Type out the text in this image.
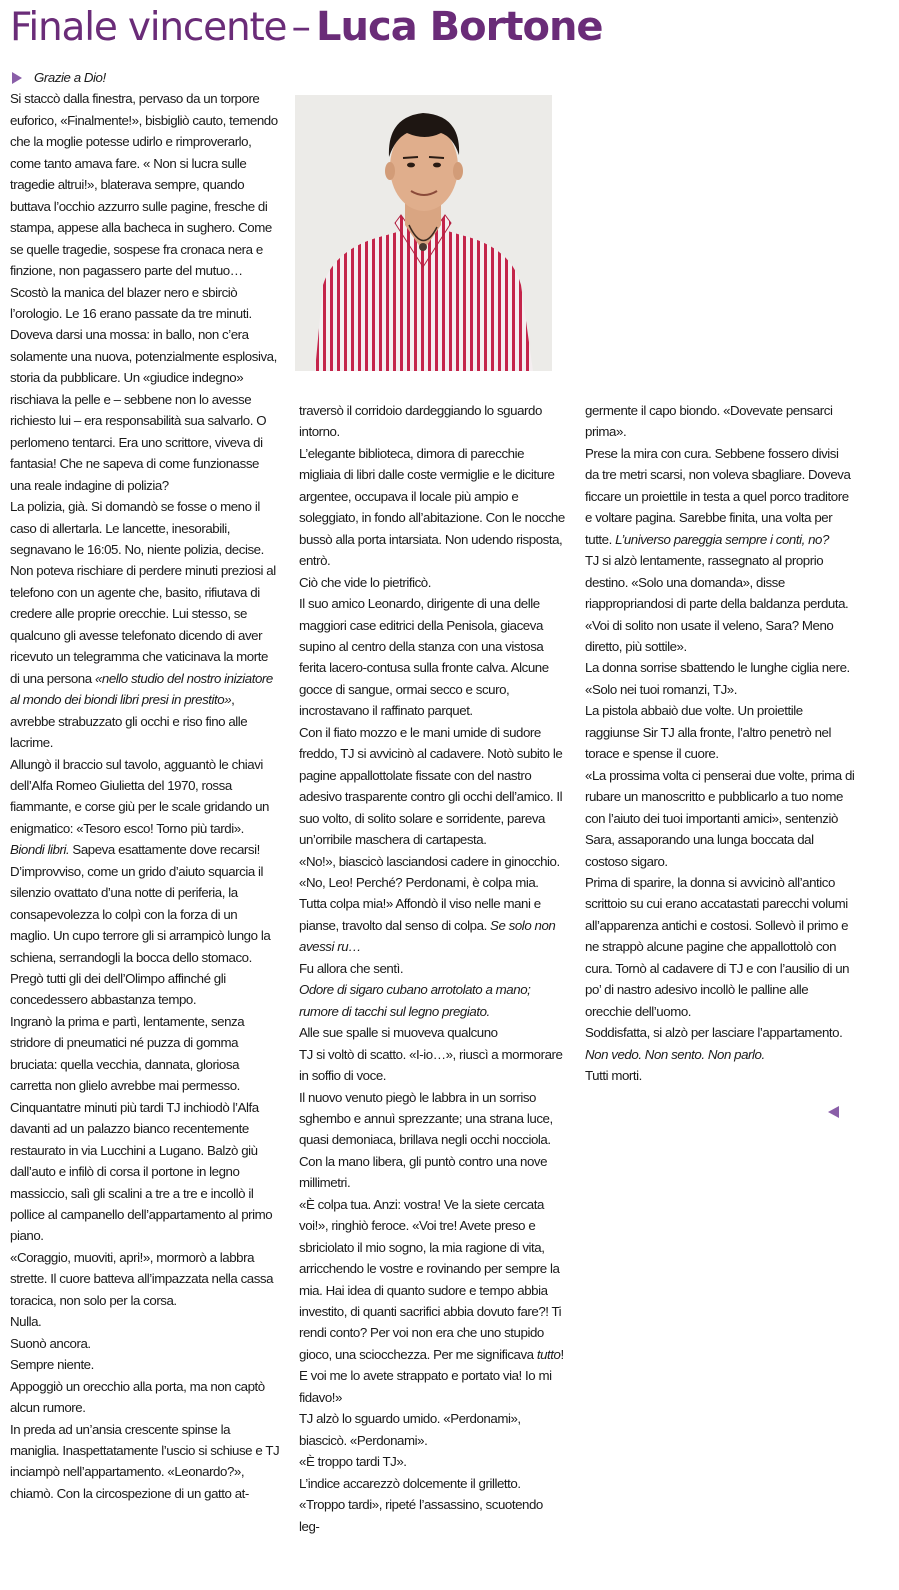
Finale vincente – Luca Bortone

Grazie a Dio!

Si staccò dalla finestra, pervaso da un torpore euforico, «Finalmente!», bisbigliò cauto, temendo che la moglie potesse udirlo e rimproverarlo, come tanto amava fare. « Non si lucra sulle tragedie altrui!», blaterava sempre, quando buttava l’occhio azzurro sulle pagine, fresche di stampa, appese alla bacheca in sughero. Come se quelle tragedie, sospese fra cronaca nera e finzione, non pagassero parte del mutuo…

Scostò la manica del blazer nero e sbirciò l’orologio. Le 16 erano passate da tre minuti. Doveva darsi una mossa: in ballo, non c’era solamente una nuova, potenzialmente esplosiva, storia da pubblicare. Un «giudice indegno» rischiava la pelle e – sebbene non lo avesse richiesto lui – era responsabilità sua salvarlo. O perlomeno tentarci. Era uno scrittore, viveva di fantasia! Che ne sapeva di come funzionasse una reale indagine di polizia?

La polizia, già. Si domandò se fosse o meno il caso di allertarla. Le lancette, inesorabili, segnavano le 16:05. No, niente polizia, decise. Non poteva rischiare di perdere minuti preziosi al telefono con un agente che, basito, rifiutava di credere alle proprie orecchie. Lui stesso, se qualcuno gli avesse telefonato dicendo di aver ricevuto un telegramma che vaticinava la morte di una persona «nello studio del nostro iniziatore al mondo dei biondi libri presi in prestito», avrebbe strabuzzato gli occhi e riso fino alle lacrime.

Allungò il braccio sul tavolo, agguantò le chiavi dell’Alfa Romeo Giulietta del 1970, rossa fiammante, e corse giù per le scale gridando un enigmatico: «Tesoro esco! Torno più tardi».

Biondi libri. Sapeva esattamente dove recarsi! D’improvviso, come un grido d’aiuto squarcia il silenzio ovattato d’una notte di periferia, la consapevolezza lo colpì con la forza di un maglio. Un cupo terrore gli si arrampicò lungo la schiena, serrandogli la bocca dello stomaco. Pregò tutti gli dei dell’Olimpo affinché gli concedessero abbastanza tempo.

Ingranò la prima e partì, lentamente, senza stridore di pneumatici né puzza di gomma bruciata: quella vecchia, dannata, gloriosa carretta non glielo avrebbe mai permesso.

Cinquantatre minuti più tardi TJ inchiodò l’Alfa davanti ad un palazzo bianco recentemente restaurato in via Lucchini a Lugano. Balzò giù dall’auto e infilò di corsa il portone in legno massiccio, salì gli scalini a tre a tre e incollò il pollice al campanello dell’appartamento al primo piano.

«Coraggio, muoviti, apri!», mormorò a labbra strette. Il cuore batteva all’impazzata nella cassa toracica, non solo per la corsa.

Nulla.

Suonò ancora.

Sempre niente.

Appoggiò un orecchio alla porta, ma non captò alcun rumore.

In preda ad un’ansia crescente spinse la maniglia. Inaspettatamente l’uscio si schiuse e TJ inciampò nell’appartamento. «Leonardo?», chiamò. Con la circospezione di un gatto at-

traversò il corridoio dardeggiando lo sguardo intorno.

L’elegante biblioteca, dimora di parecchie migliaia di libri dalle coste vermiglie e le diciture argentee, occupava il locale più ampio e soleggiato, in fondo all’abitazione. Con le nocche bussò alla porta intarsiata. Non udendo risposta, entrò.

Ciò che vide lo pietrificò.

Il suo amico Leonardo, dirigente di una delle maggiori case editrici della Penisola, giaceva supino al centro della stanza con una vistosa ferita lacero-contusa sulla fronte calva. Alcune gocce di sangue, ormai secco e scuro, incrostavano il raffinato parquet.

Con il fiato mozzo e le mani umide di sudore freddo, TJ si avvicinò al cadavere. Notò subito le pagine appallottolate fissate con del nastro adesivo trasparente contro gli occhi dell’amico. Il suo volto, di solito solare e sorridente, pareva un’orribile maschera di cartapesta.

«No!», biascicò lasciandosi cadere in ginocchio. «No, Leo! Perché? Perdonami, è colpa mia. Tutta colpa mia!» Affondò il viso nelle mani e pianse, travolto dal senso di colpa. Se solo non avessi ru…

Fu allora che sentì.

Odore di sigaro cubano arrotolato a mano; rumore di tacchi sul legno pregiato.

Alle sue spalle si muoveva qualcuno

TJ si voltò di scatto. «I-io…», riuscì a mormorare in soffio di voce.

Il nuovo venuto piegò le labbra in un sorriso sghembo e annuì sprezzante; una strana luce, quasi demoniaca, brillava negli occhi nocciola. Con la mano libera, gli puntò contro una nove millimetri.

«È colpa tua. Anzi: vostra! Ve la siete cercata voi!», ringhiò feroce. «Voi tre! Avete preso e sbriciolato il mio sogno, la mia ragione di vita, arricchendo le vostre e rovinando per sempre la mia. Hai idea di quanto sudore e tempo abbia investito, di quanti sacrifici abbia dovuto fare?! Ti rendi conto? Per voi non era che uno stupido gioco, una sciocchezza. Per me significava tutto! E voi me lo avete strappato e portato via! Io mi fidavo!»

TJ alzò lo sguardo umido. «Perdonami», biascicò. «Perdonami».

«È troppo tardi TJ».

L’indice accarezzò dolcemente il grilletto. «Troppo tardi», ripeté l’assassino, scuotendo leg-

germente il capo biondo. «Dovevate pensarci prima».

Prese la mira con cura. Sebbene fossero divisi da tre metri scarsi, non voleva sbagliare. Doveva ficcare un proiettile in testa a quel porco traditore e voltare pagina. Sarebbe finita, una volta per tutte. L’universo pareggia sempre i conti, no?

TJ si alzò lentamente, rassegnato al proprio destino. «Solo una domanda», disse riappropriandosi di parte della baldanza perduta. «Voi di solito non usate il veleno, Sara? Meno diretto, più sottile».

La donna sorrise sbattendo le lunghe ciglia nere. «Solo nei tuoi romanzi, TJ».

La pistola abbaiò due volte. Un proiettile raggiunse Sir TJ alla fronte, l’altro penetrò nel torace e spense il cuore.

«La prossima volta ci penserai due volte, prima di rubare un manoscritto e pubblicarlo a tuo nome con l’aiuto dei tuoi importanti amici», sentenziò Sara, assaporando una lunga boccata dal costoso sigaro.

Prima di sparire, la donna si avvicinò all’antico scrittoio su cui erano accatastati parecchi volumi all’apparenza antichi e costosi. Sollevò il primo e ne strappò alcune pagine che appallottolò con cura. Tornò al cadavere di TJ e con l’ausilio di un po’ di nastro adesivo incollò le palline alle orecchie dell’uomo.

Soddisfatta, si alzò per lasciare l’appartamento.

Non vedo. Non sento. Non parlo.

Tutti morti.
